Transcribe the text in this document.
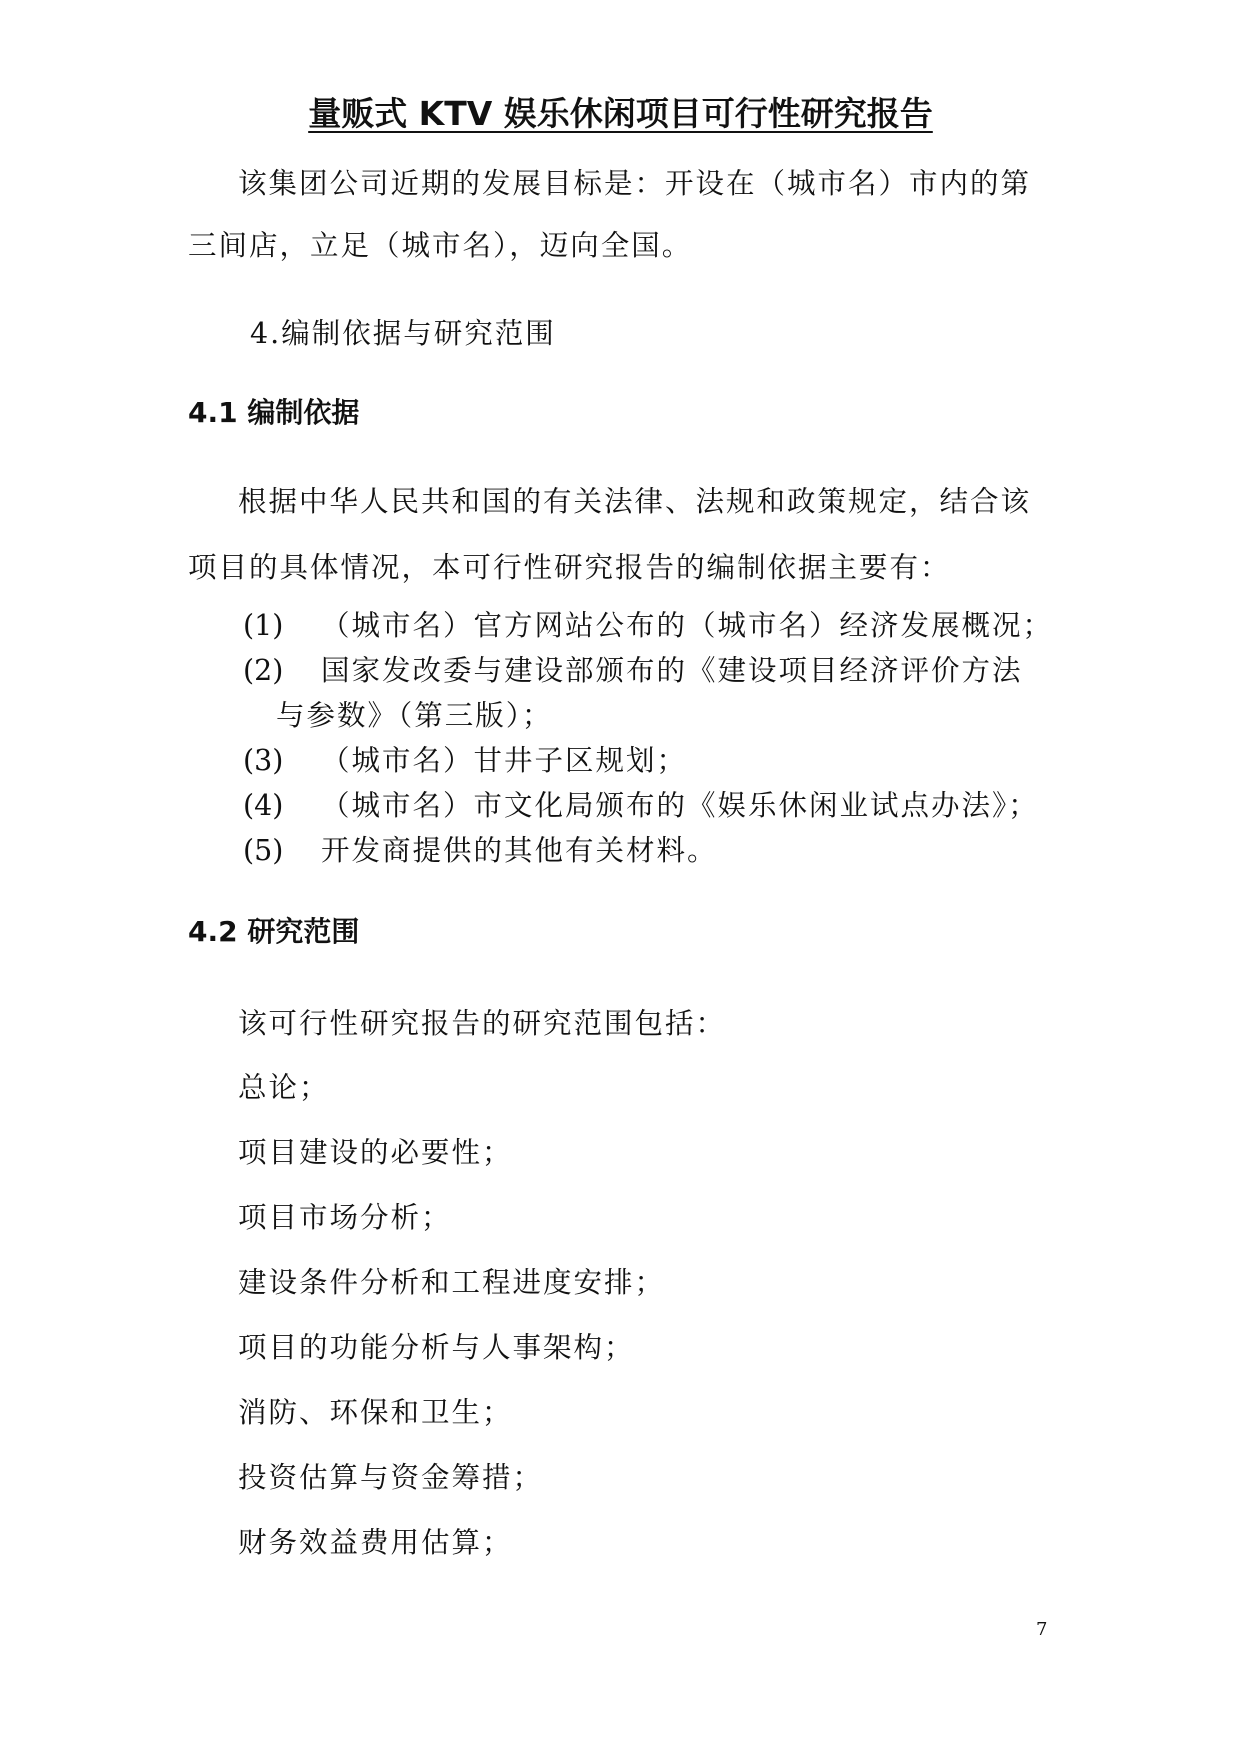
量贩式 KTV 娱乐休闲项目可行性研究报告
该集团公司近期的发展目标是：开设在（城市名）市内的第
三间店，立足（城市名），迈向全国。
4.编制依据与研究范围
4.1 编制依据
根据中华人民共和国的有关法律、法规和政策规定，结合该
项目的具体情况，本可行性研究报告的编制依据主要有：
(1) （城市名）官方网站公布的（城市名）经济发展概况；
(2) 国家发改委与建设部颁布的《建设项目经济评价方法
与参数》（第三版）；
(3) （城市名）甘井子区规划；
(4) （城市名）市文化局颁布的《娱乐休闲业试点办法》；
(5) 开发商提供的其他有关材料。
4.2 研究范围
该可行性研究报告的研究范围包括：
总论；
项目建设的必要性；
项目市场分析；
建设条件分析和工程进度安排；
项目的功能分析与人事架构；
消防、环保和卫生；
投资估算与资金筹措；
财务效益费用估算；
7
